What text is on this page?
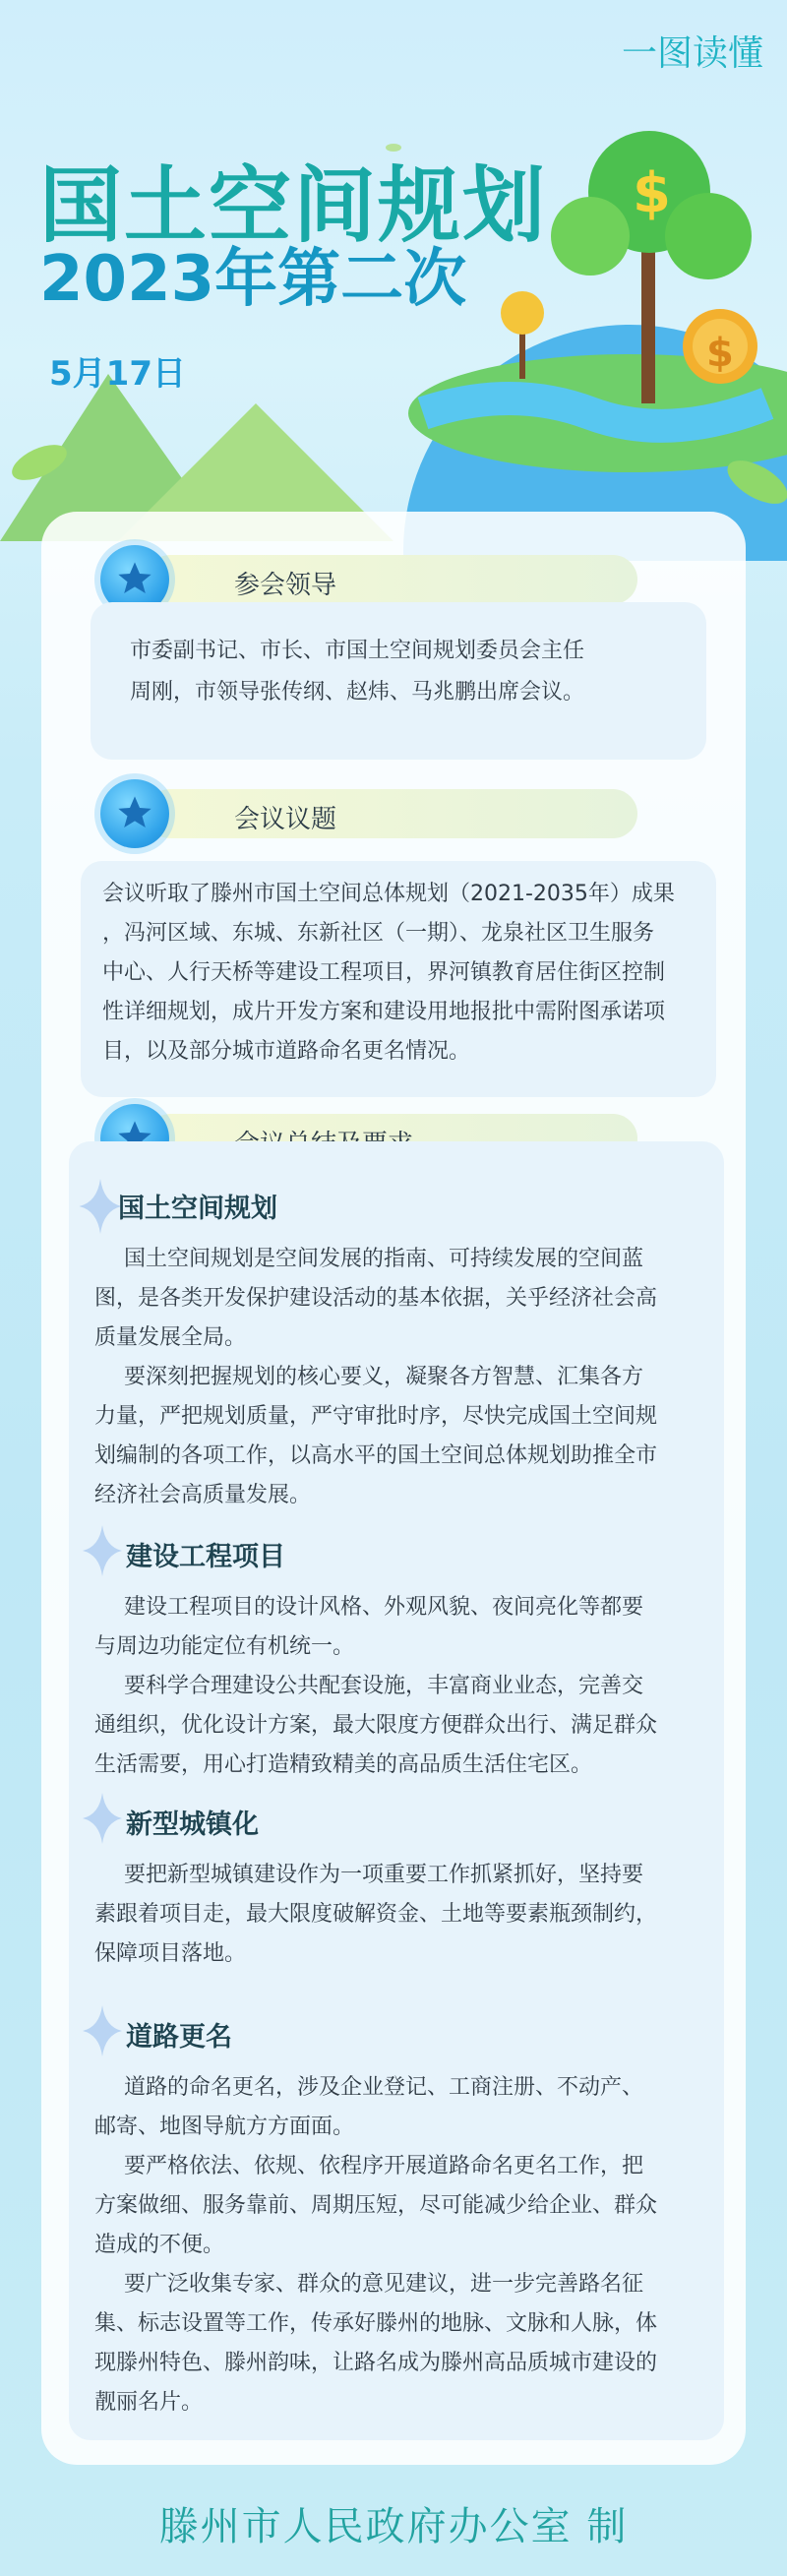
$
$
一图读懂
国土空间规划
2023年第二次
5月17日
参会领导
市委副书记、市长、市国土空间规划委员会主任
周刚，市领导张传纲、赵炜、马兆鹏出席会议。
会议议题
会议听取了滕州市国土空间总体规划（2021-2035年）成果
，冯河区域、东城、东新社区（一期）、龙泉社区卫生服务
中心、人行天桥等建设工程项目，界河镇教育居住街区控制
性详细规划，成片开发方案和建设用地报批中需附图承诺项
目，以及部分城市道路命名更名情况。
国土空间规划
国土空间规划是空间发展的指南、可持续发展的空间蓝
图，是各类开发保护建设活动的基本依据，关乎经济社会高
质量发展全局。
要深刻把握规划的核心要义，凝聚各方智慧、汇集各方
力量，严把规划质量，严守审批时序，尽快完成国土空间规
划编制的各项工作，以高水平的国土空间总体规划助推全市
经济社会高质量发展。
建设工程项目
建设工程项目的设计风格、外观风貌、夜间亮化等都要
与周边功能定位有机统一。
要科学合理建设公共配套设施，丰富商业业态，完善交
通组织，优化设计方案，最大限度方便群众出行、满足群众
生活需要，用心打造精致精美的高品质生活住宅区。
新型城镇化
要把新型城镇建设作为一项重要工作抓紧抓好，坚持要
素跟着项目走，最大限度破解资金、土地等要素瓶颈制约，
保障项目落地。
道路更名
道路的命名更名，涉及企业登记、工商注册、不动产、
邮寄、地图导航方方面面。
要严格依法、依规、依程序开展道路命名更名工作，把
方案做细、服务靠前、周期压短，尽可能减少给企业、群众
造成的不便。
要广泛收集专家、群众的意见建议，进一步完善路名征
集、标志设置等工作，传承好滕州的地脉、文脉和人脉，体
现滕州特色、滕州韵味，让路名成为滕州高品质城市建设的
靓丽名片。
滕州市人民政府办公室 制
